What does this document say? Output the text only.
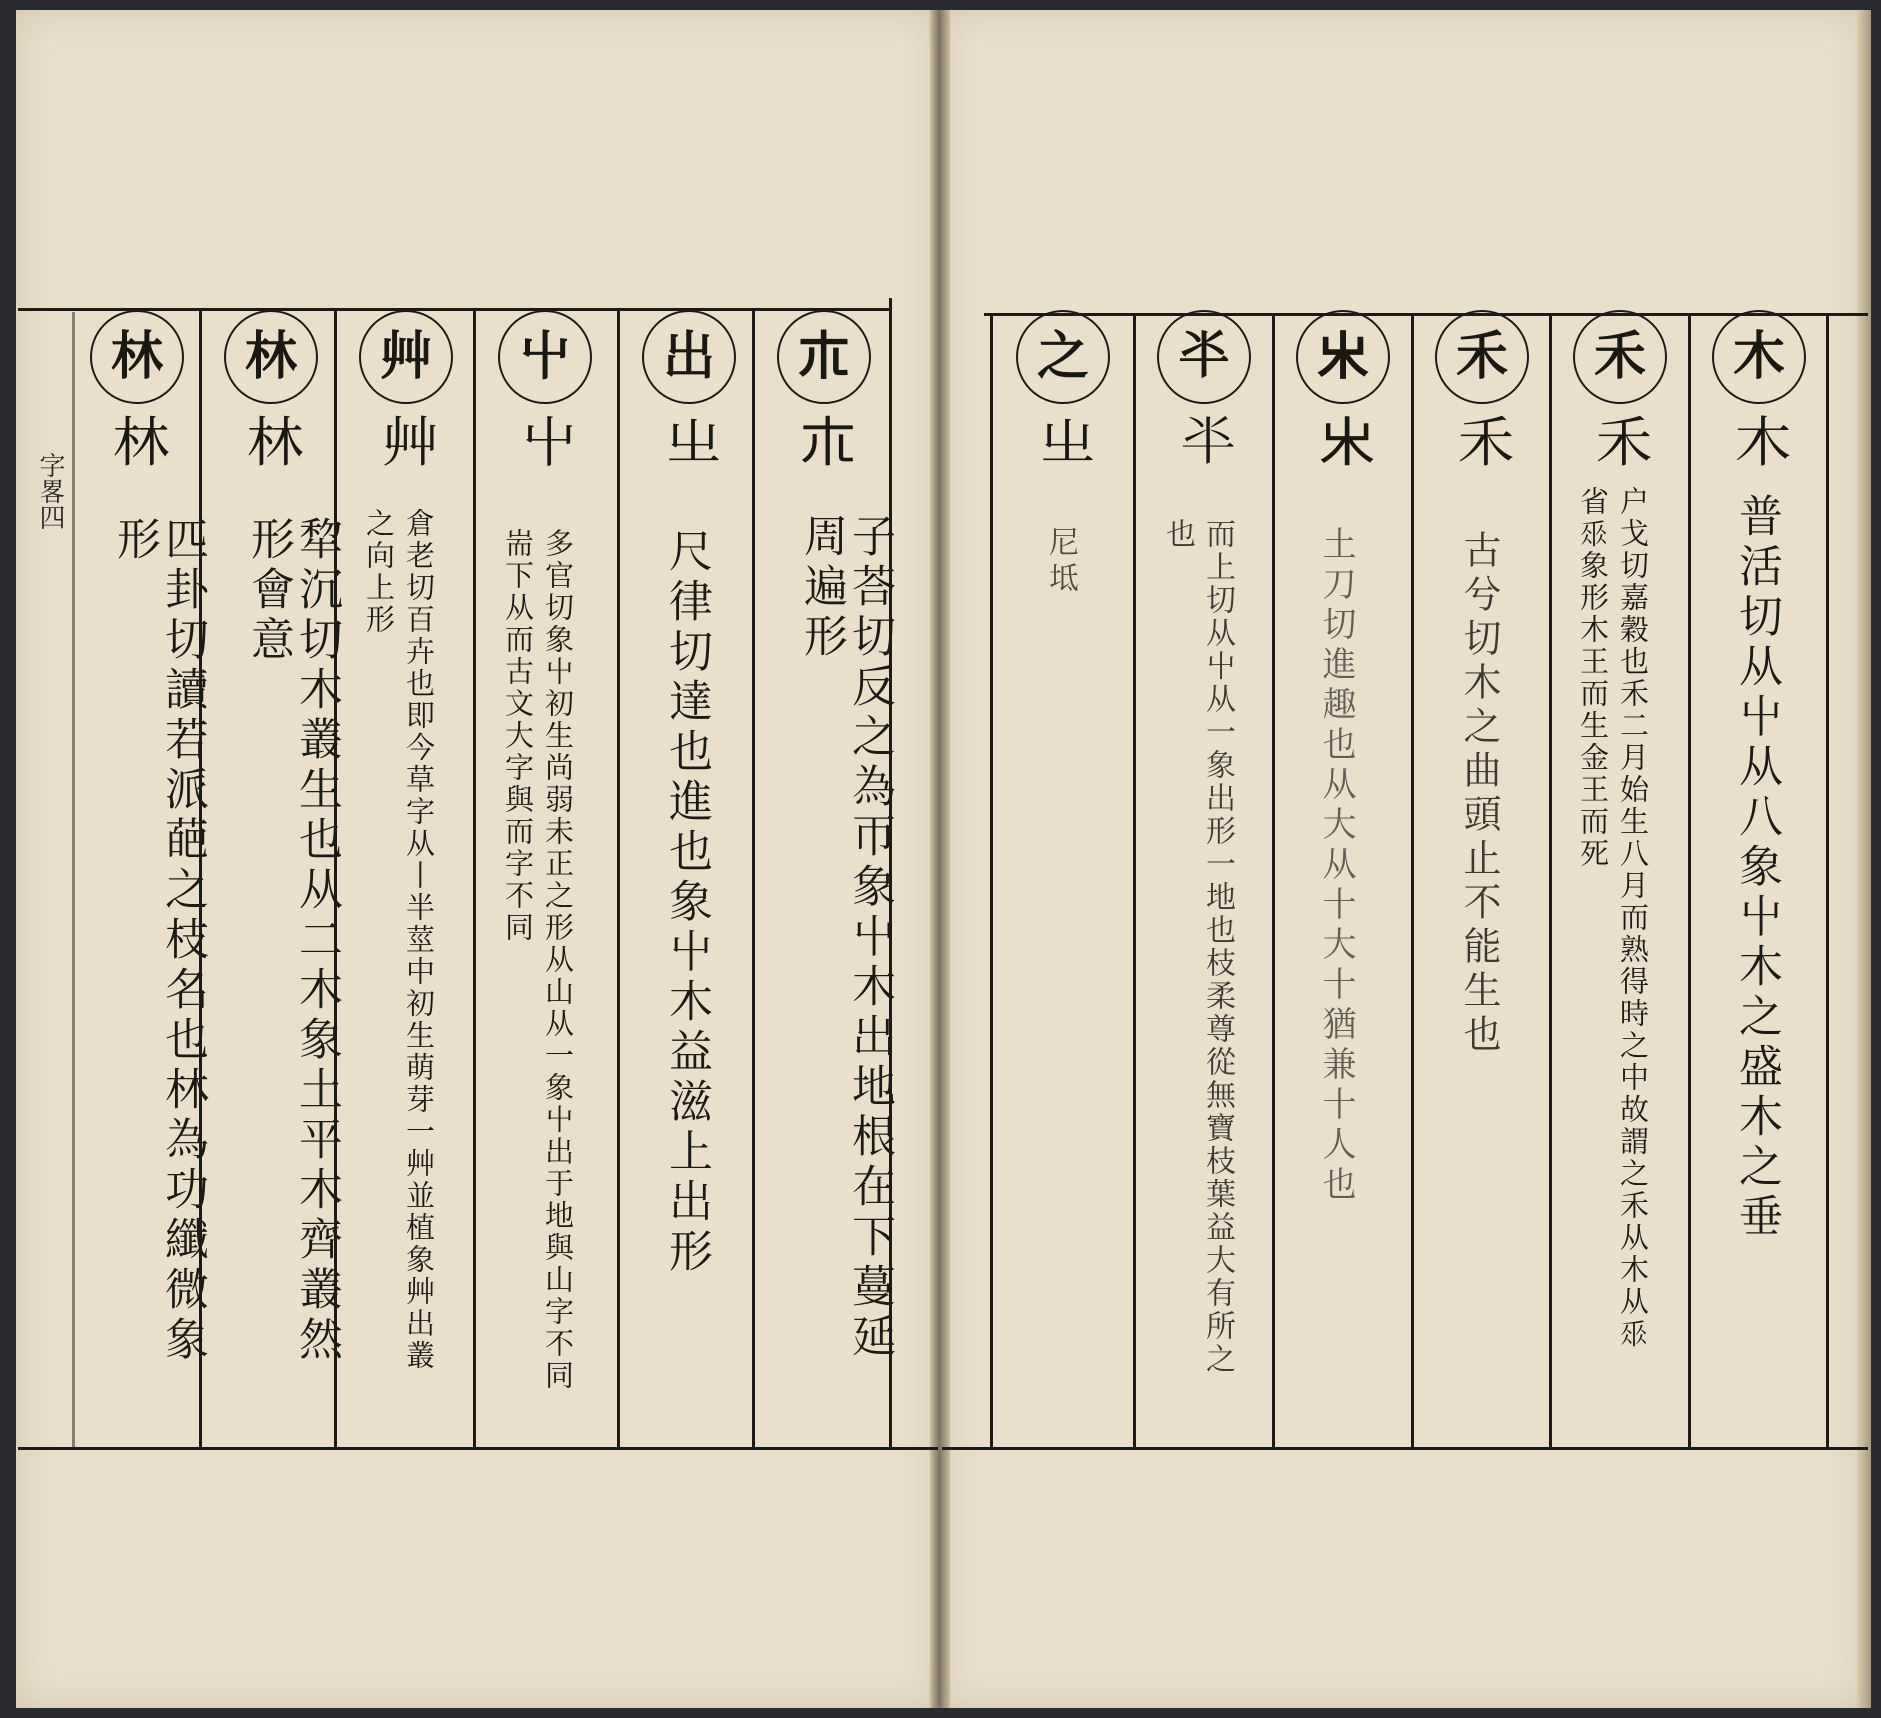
字畧四
𣎳
𣎳
子荅切反之為帀象屮木出地根在下蔓延周遍形
出
㞢
尺律切達也進也象屮木益滋上出形
屮
屮
多官切象屮初生尚弱未正之形从山从一象屮出于地與山字不同耑下从而古文大字與而字不同
艸
艸
倉老切百卉也即今草字从丨半莖中初生萌芽一艸並植象艸出叢之向上形
林
林
犂沉切木叢生也从二木象土平木齊叢然形會意
林
林
匹卦切讀若派葩之枝名也林為功纖微象形
木
木
普活切从屮从八象屮木之盛木之垂
禾
禾
户戈切嘉穀也禾二月始生八月而熟得時之中故謂之禾从木从𠂹省𠂹象形木王而生金王而死
禾
禾
古兮切木之曲頭止不能生也
𣎵
𣎵
土刀切進趣也从大从十大十猶兼十人也
𠦂
𠦂
而上切从屮从一象出形一地也枝柔尊從無寶枝葉益大有所之也
之
㞢
尼坻
